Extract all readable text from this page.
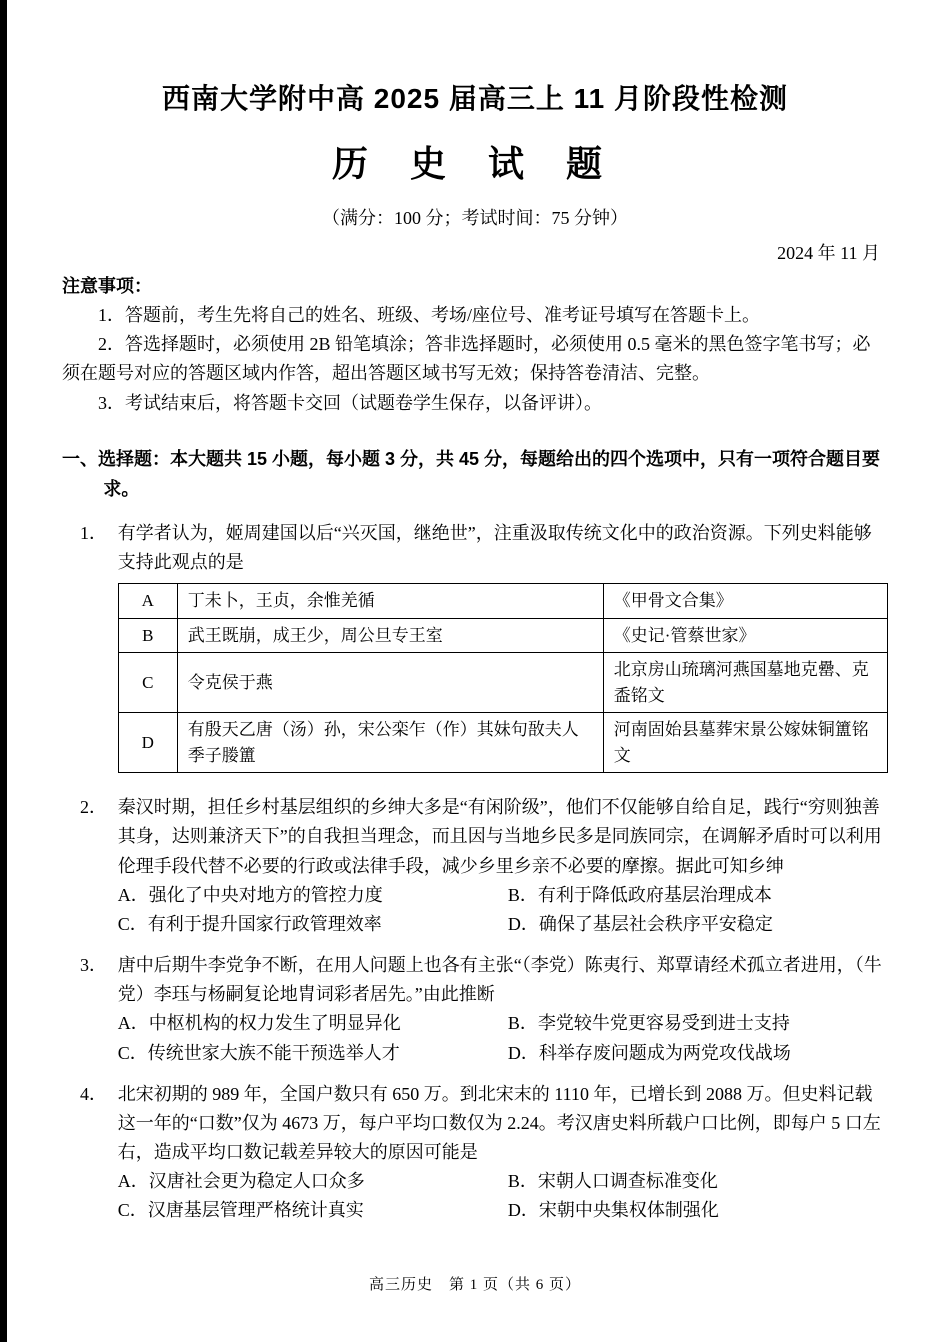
西南大学附中高 2025 届高三上 11 月阶段性检测
历 史 试 题
（满分：100 分；考试时间：75 分钟）
2024 年 11 月
注意事项：

1．答题前，考生先将自己的姓名、班级、考场/座位号、准考证号填写在答题卡上。

2．答选择题时，必须使用 2B 铅笔填涂；答非选择题时，必须使用 0.5 毫米的黑色签字笔书写；必须在题号对应的答题区域内作答，超出答题区域书写无效；保持答卷清洁、完整。

3．考试结束后，将答题卡交回（试题卷学生保存，以备评讲）。

一、选择题：本大题共 15 小题，每小题 3 分，共 45 分，每题给出的四个选项中，只有一项符合题目要求。
1． 有学者认为，姬周建国以后“兴灭国，继绝世”，注重汲取传统文化中的政治资源。下列史料能够支持此观点的是

A	丁未卜，王贞，余惟羌循	《甲骨文合集》
B	武王既崩，成王少，周公旦专王室	《史记·管蔡世家》
C	令克侯于燕	北京房山琉璃河燕国墓地克罍、克盉铭文
D	有殷天乙唐（汤）孙，宋公栾乍（作）其妹句敔夫人季子媵簠	河南固始县墓葬宋景公嫁妹铜簠铭文
2． 秦汉时期，担任乡村基层组织的乡绅大多是“有闲阶级”，他们不仅能够自给自足，践行“穷则独善其身，达则兼济天下”的自我担当理念，而且因与当地乡民多是同族同宗，在调解矛盾时可以利用伦理手段代替不必要的行政或法律手段，减少乡里乡亲不必要的摩擦。据此可知乡绅

A．强化了中央对地方的管控力度	B．有利于降低政府基层治理成本
C．有利于提升国家行政管理效率	D．确保了基层社会秩序平安稳定
3． 唐中后期牛李党争不断，在用人问题上也各有主张“（李党）陈夷行、郑覃请经术孤立者进用，（牛党）李珏与杨嗣复论地胄词彩者居先。”由此推断

A．中枢机构的权力发生了明显异化	B．李党较牛党更容易受到进士支持
C．传统世家大族不能干预选举人才	D．科举存废问题成为两党攻伐战场
4． 北宋初期的 989 年，全国户数只有 650 万。到北宋末的 1110 年，已增长到 2088 万。但史料记载这一年的“口数”仅为 4673 万，每户平均口数仅为 2.24。考汉唐史料所载户口比例，即每户 5 口左右，造成平均口数记载差异较大的原因可能是

A．汉唐社会更为稳定人口众多	B．宋朝人口调查标准变化
C．汉唐基层管理严格统计真实	D．宋朝中央集权体制强化
高三历史　第 1 页（共 6 页）
